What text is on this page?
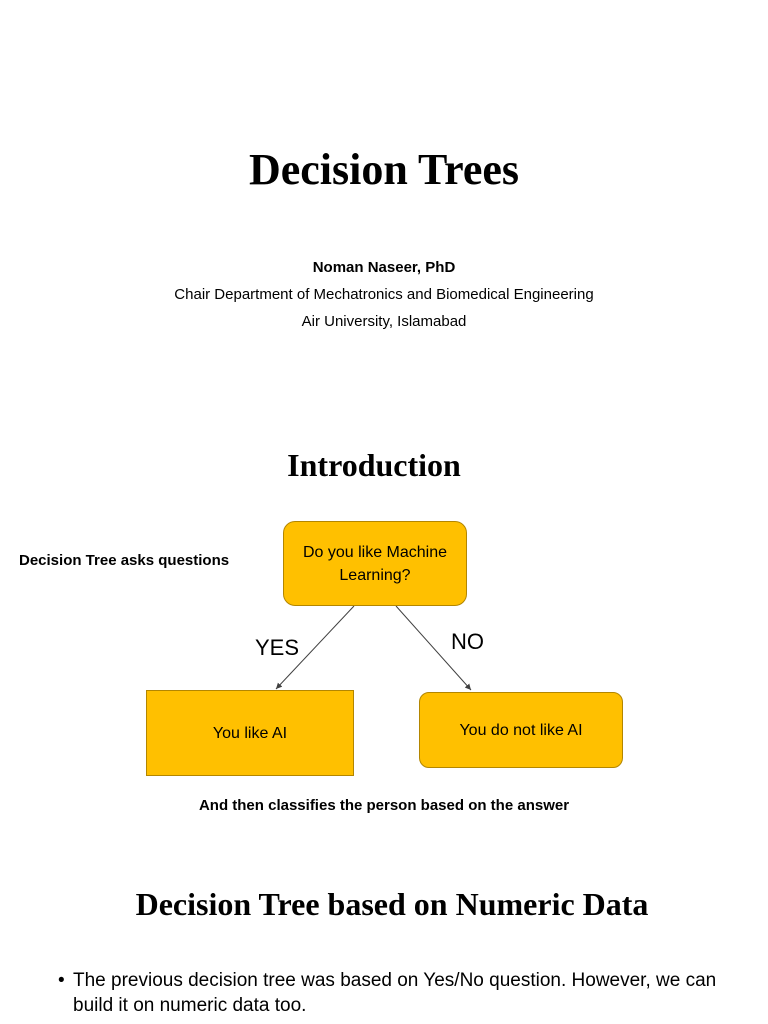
Decision Trees
Noman Naseer, PhD
Chair Department of Mechatronics and Biomedical Engineering
Air University, Islamabad
Introduction
Decision Tree asks questions	Do you like Machine Learning?
YES	NO
You like AI	You do not like AI
And then classifies the person based on the answer
Decision Tree based on Numeric Data
• The previous decision tree was based on Yes/No question. However, we can build it on numeric data too.
